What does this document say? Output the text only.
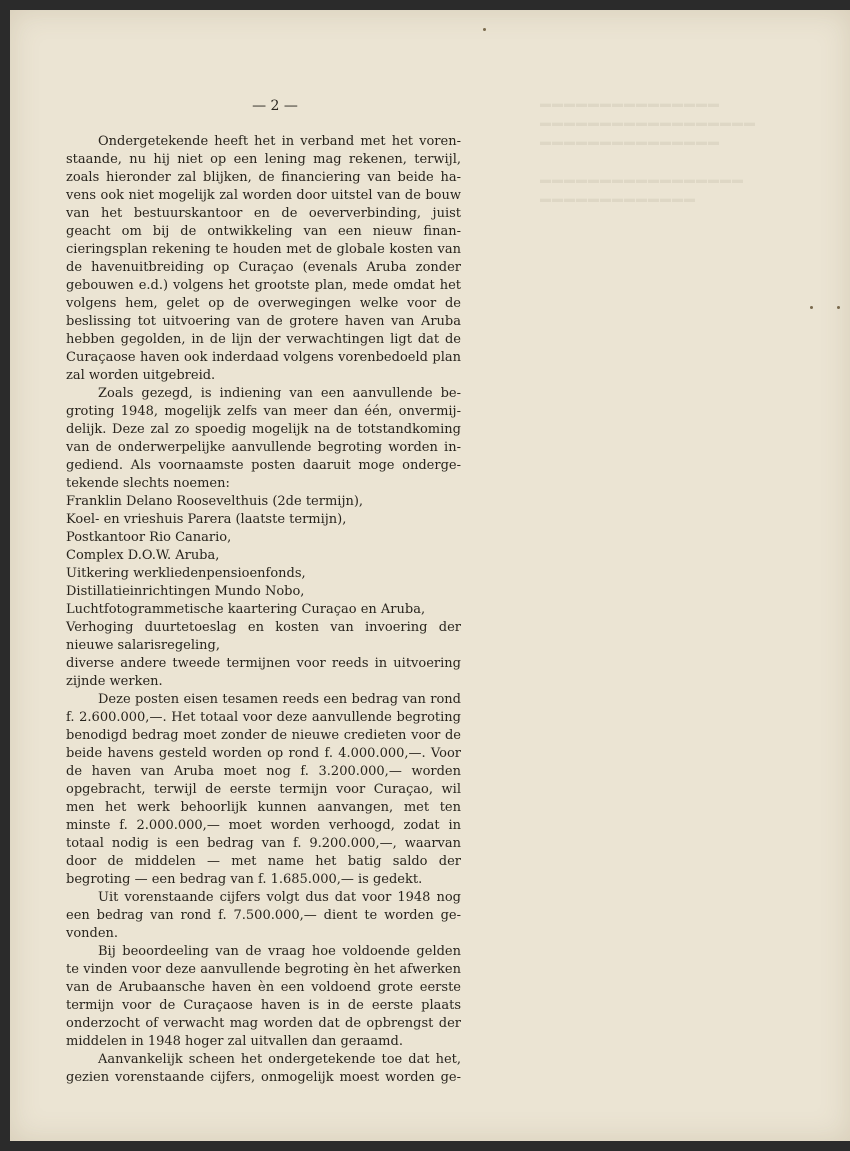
▬▬▬▬▬▬▬▬▬▬▬▬▬▬▬
▬▬▬▬▬▬▬▬▬▬▬▬▬▬▬▬▬▬
▬▬▬▬▬▬▬▬▬▬▬▬▬▬▬

▬▬▬▬▬▬▬▬▬▬▬▬▬▬▬▬▬
▬▬▬▬▬▬▬▬▬▬▬▬▬
— 2 —

Ondergetekende heeft het in verband met het vorenstaande, nu hij niet op een lening mag rekenen, terwijl, zoals hieronder zal blijken, de financiering van beide havens ook niet mogelijk zal worden door uitstel van de bouw van het bestuurskantoor en de oeververbinding, juist geacht om bij de ontwikkeling van een nieuw financieringsplan rekening te houden met de globale kosten van de havenuitbreiding op Curaçao (evenals Aruba zonder gebouwen e.d.) volgens het grootste plan, mede omdat het volgens hem, gelet op de overwegingen welke voor de beslissing tot uitvoering van de grotere haven van Aruba hebben gegolden, in de lijn der verwachtingen ligt dat de Curaçaose haven ook inderdaad volgens vorenbedoeld plan zal worden uitgebreid.

Zoals gezegd, is indiening van een aanvullende begroting 1948, mogelijk zelfs van meer dan één, onvermijdelijk. Deze zal zo spoedig mogelijk na de totstandkoming van de onderwerpelijke aanvullende begroting worden ingediend. Als voornaamste posten daaruit moge ondergetekende slechts noemen:

Franklin Delano Roosevelthuis (2de termijn),
Koel- en vrieshuis Parera (laatste termijn),
Postkantoor Rio Canario,
Complex D.O.W. Aruba,
Uitkering werkliedenpensioenfonds,
Distillatieinrichtingen Mundo Nobo,
Luchtfotogrammetische kaartering Curaçao en Aruba,
Verhoging duurtetoeslag en kosten van invoering der nieuwe salarisregeling,
diverse andere tweede termijnen voor reeds in uitvoering zijnde werken.

Deze posten eisen tesamen reeds een bedrag van rond f. 2.600.000,—. Het totaal voor deze aanvullende begroting benodigd bedrag moet zonder de nieuwe credieten voor de beide havens gesteld worden op rond f. 4.000.000,—. Voor de haven van Aruba moet nog f. 3.200.000,— worden opgebracht, terwijl de eerste termijn voor Curaçao, wil men het werk behoorlijk kunnen aanvangen, met ten minste f. 2.000.000,— moet worden verhoogd, zodat in totaal nodig is een bedrag van f. 9.200.000,—, waarvan door de middelen — met name het batig saldo der begroting — een bedrag van f. 1.685.000,— is gedekt.

Uit vorenstaande cijfers volgt dus dat voor 1948 nog een bedrag van rond f. 7.500.000,— dient te worden gevonden.

Bij beoordeeling van de vraag hoe voldoende gelden te vinden voor deze aanvullende begroting èn het afwerken van de Arubaansche haven èn een voldoend grote eerste termijn voor de Curaçaose haven is in de eerste plaats onderzocht of verwacht mag worden dat de opbrengst der middelen in 1948 hoger zal uitvallen dan geraamd.

Aanvankelijk scheen het ondergetekende toe dat het, gezien vorenstaande cijfers, onmogelijk moest worden ge-
